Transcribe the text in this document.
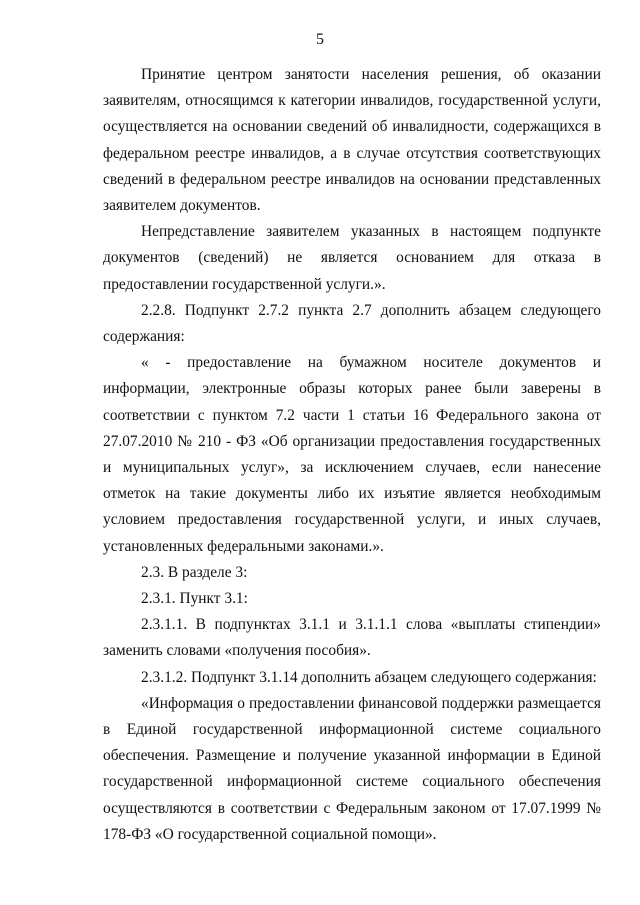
5

Принятие центром занятости населения решения, об оказании заявителям, относящимся к категории инвалидов, государственной услуги, осуществляется на основании сведений об инвалидности, содержащихся в федеральном реестре инвалидов, а в случае отсутствия соответствующих сведений в федеральном реестре инвалидов на основании представленных заявителем документов.

Непредставление заявителем указанных в настоящем подпункте документов (сведений) не является основанием для отказа в предоставлении государственной услуги.».

2.2.8. Подпункт 2.7.2 пункта 2.7 дополнить абзацем следующего содержания:

« - предоставление на бумажном носителе документов и информации, электронные образы которых ранее были заверены в соответствии с пунктом 7.2 части 1 статьи 16 Федерального закона от 27.07.2010 № 210 - ФЗ «Об организации предоставления государственных и муниципальных услуг», за исключением случаев, если нанесение отметок на такие документы либо их изъятие является необходимым условием предоставления государственной услуги, и иных случаев, установленных федеральными законами.».

2.3. В разделе 3:

2.3.1. Пункт 3.1:

2.3.1.1. В подпунктах 3.1.1 и 3.1.1.1 слова «выплаты стипендии» заменить словами «получения пособия».

2.3.1.2. Подпункт 3.1.14 дополнить абзацем следующего содержания:

«Информация о предоставлении финансовой поддержки размещается в Единой государственной информационной системе социального обеспечения. Размещение и получение указанной информации в Единой государственной информационной системе социального обеспечения осуществляются в соответствии с Федеральным законом от 17.07.1999 № 178-ФЗ «О государственной социальной помощи».
